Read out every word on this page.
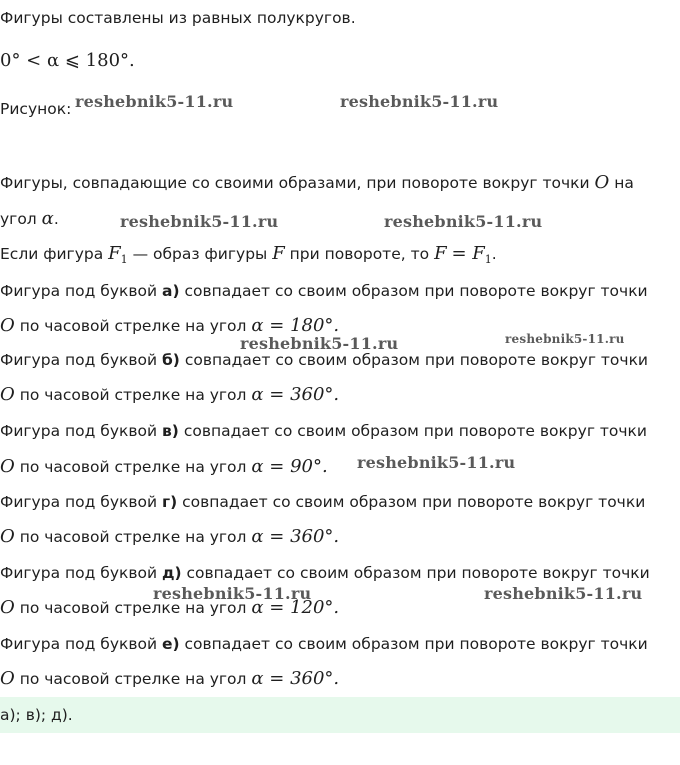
Фигуры составлены из равных полукругов.
0° < α ⩽ 180°.
Рисунок:
Фигуры, совпадающие со своими образами, при повороте вокруг точки O на
угол α.
Если фигура $F_1$ — образ фигуры F при повороте, то $F = F_1$.
Фигура под буквой а) совпадает со своим образом при повороте вокруг точки
O по часовой стрелке на угол α = 180°.
Фигура под буквой б) совпадает со своим образом при повороте вокруг точки
O по часовой стрелке на угол α = 360°.
Фигура под буквой в) совпадает со своим образом при повороте вокруг точки
O по часовой стрелке на угол α = 90°.
Фигура под буквой г) совпадает со своим образом при повороте вокруг точки
O по часовой стрелке на угол α = 360°.
Фигура под буквой д) совпадает со своим образом при повороте вокруг точки
O по часовой стрелке на угол α = 120°.
Фигура под буквой е) совпадает со своим образом при повороте вокруг точки
O по часовой стрелке на угол α = 360°.
а); в); д).
reshebnik5-11.ru	reshebnik5-11.ru
reshebnik5-11.ru	reshebnik5-11.ru
reshebnik5-11.ru	reshebnik5-11.ru
reshebnik5-11.ru
reshebnik5-11.ru	reshebnik5-11.ru
